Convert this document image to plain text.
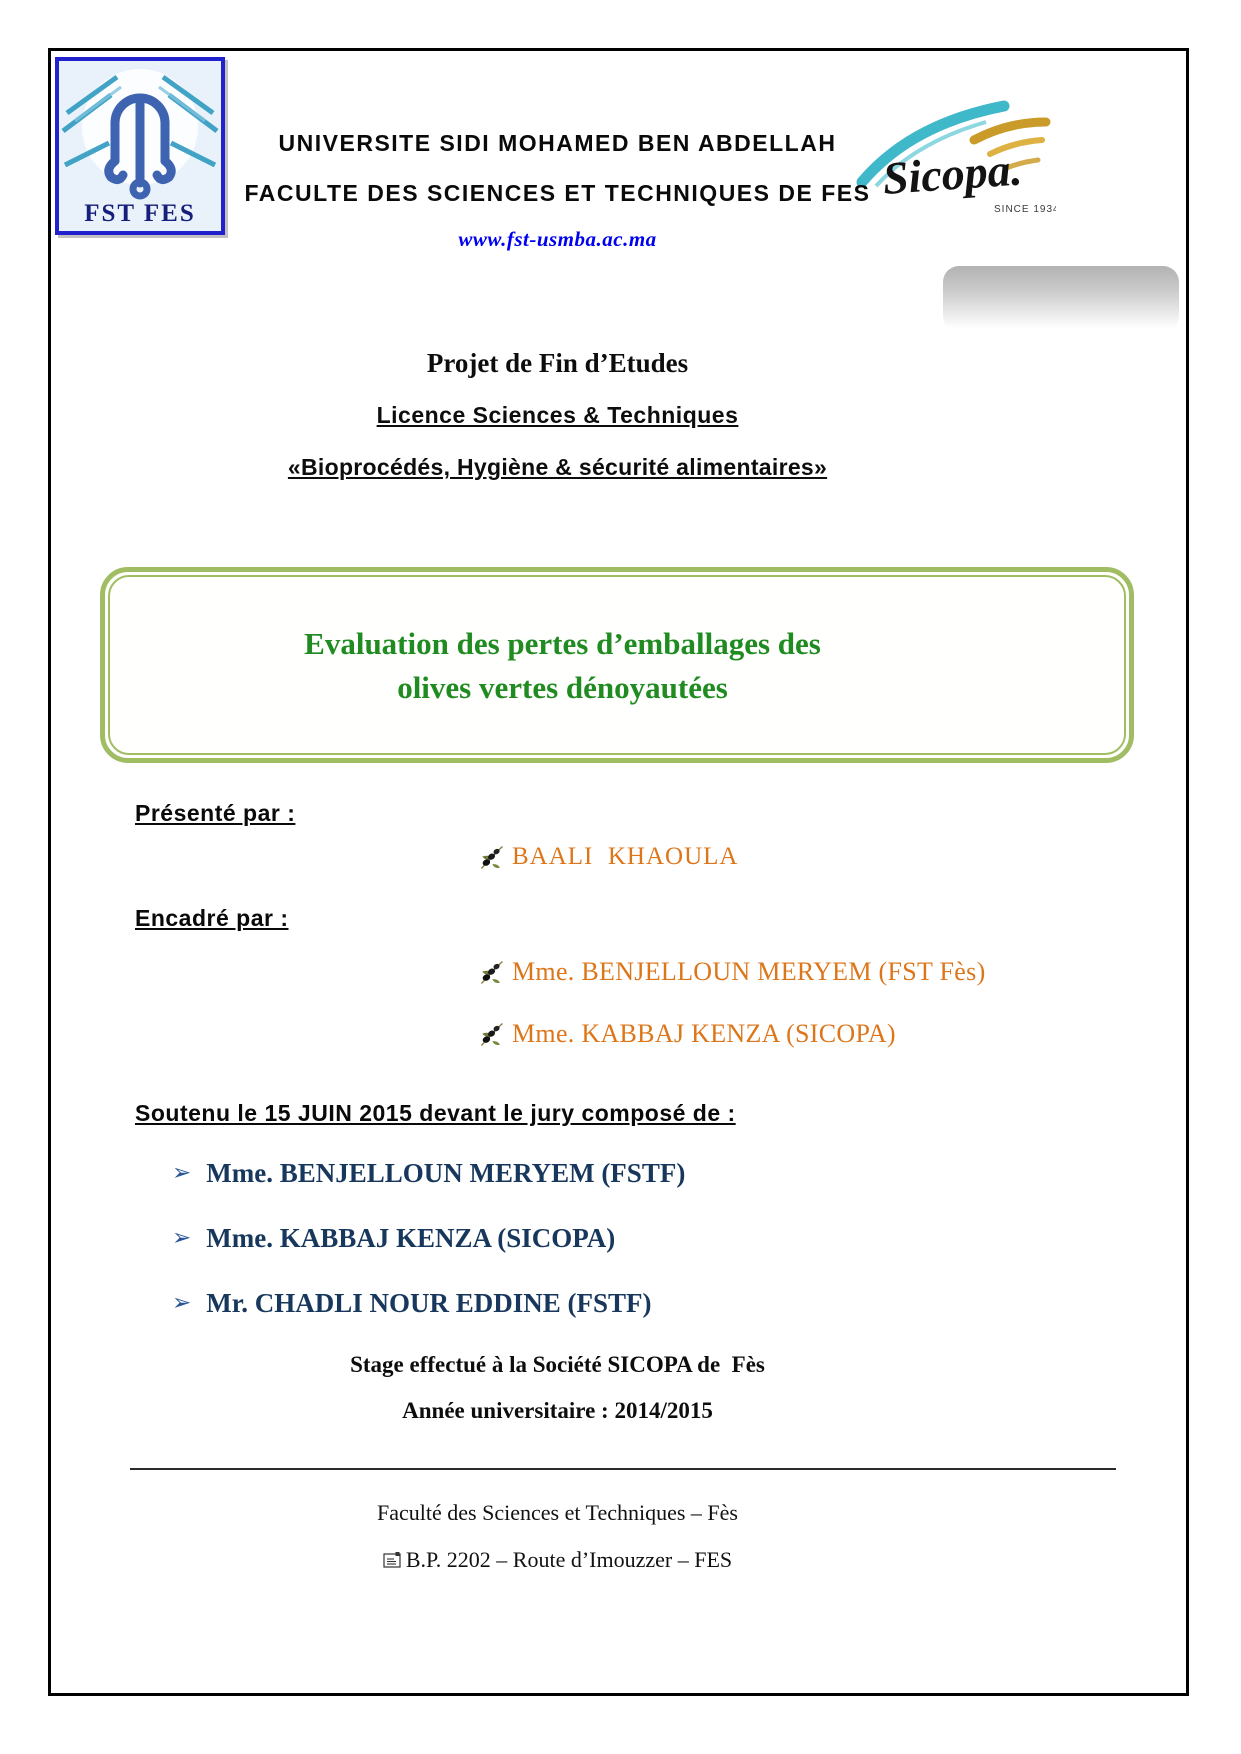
FST FES
Sicopa.
SINCE 1934
UNIVERSITE SIDI MOHAMED BEN ABDELLAH
FACULTE DES SCIENCES ET TECHNIQUES DE FES
www.fst-usmba.ac.ma
Projet de Fin d’Etudes
Licence Sciences & Techniques
«Bioprocédés, Hygiène & sécurité alimentaires»
Evaluation des pertes d’emballages des
olives vertes dénoyautées
Présenté par :
BAALI  KHAOULA
Encadré par :
Mme. BENJELLOUN MERYEM (FST Fès)
Mme. KABBAJ KENZA (SICOPA)
Soutenu le 15 JUIN 2015 devant le jury composé de :
➢ Mme. BENJELLOUN MERYEM (FSTF)
➢ Mme. KABBAJ KENZA (SICOPA)
➢ Mr. CHADLI NOUR EDDINE (FSTF)
Stage effectué à la Société SICOPA de  Fès
Année universitaire : 2014/2015
Faculté des Sciences et Techniques – Fès
B.P. 2202 – Route d’Imouzzer – FES
